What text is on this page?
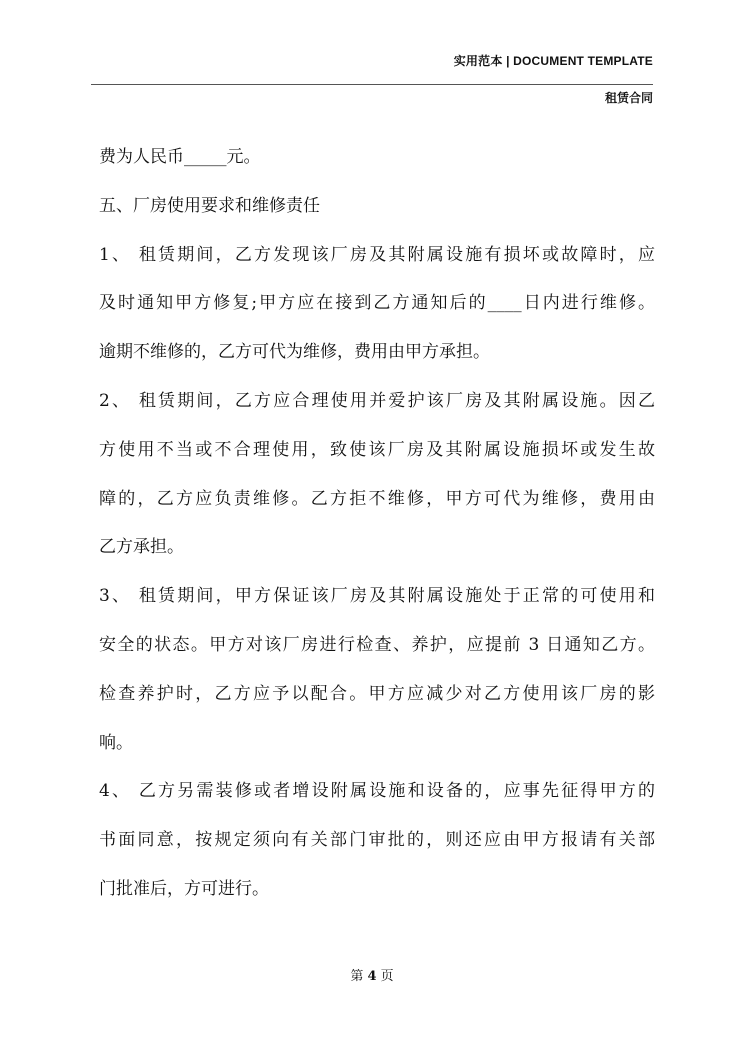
实用范本 | DOCUMENT TEMPLATE
租赁合同
费为人民币_____元。
五、厂房使用要求和维修责任
1、 租赁期间，乙方发现该厂房及其附属设施有损坏或故障时，应
及时通知甲方修复;甲方应在接到乙方通知后的____日内进行维修。
逾期不维修的，乙方可代为维修，费用由甲方承担。
2、 租赁期间，乙方应合理使用并爱护该厂房及其附属设施。因乙
方使用不当或不合理使用，致使该厂房及其附属设施损坏或发生故
障的，乙方应负责维修。乙方拒不维修，甲方可代为维修，费用由
乙方承担。
3、 租赁期间，甲方保证该厂房及其附属设施处于正常的可使用和
安全的状态。甲方对该厂房进行检查、养护，应提前 3 日通知乙方。
检查养护时，乙方应予以配合。甲方应减少对乙方使用该厂房的影
响。
4、 乙方另需装修或者增设附属设施和设备的，应事先征得甲方的
书面同意，按规定须向有关部门审批的，则还应由甲方报请有关部
门批准后，方可进行。
第 4 页
